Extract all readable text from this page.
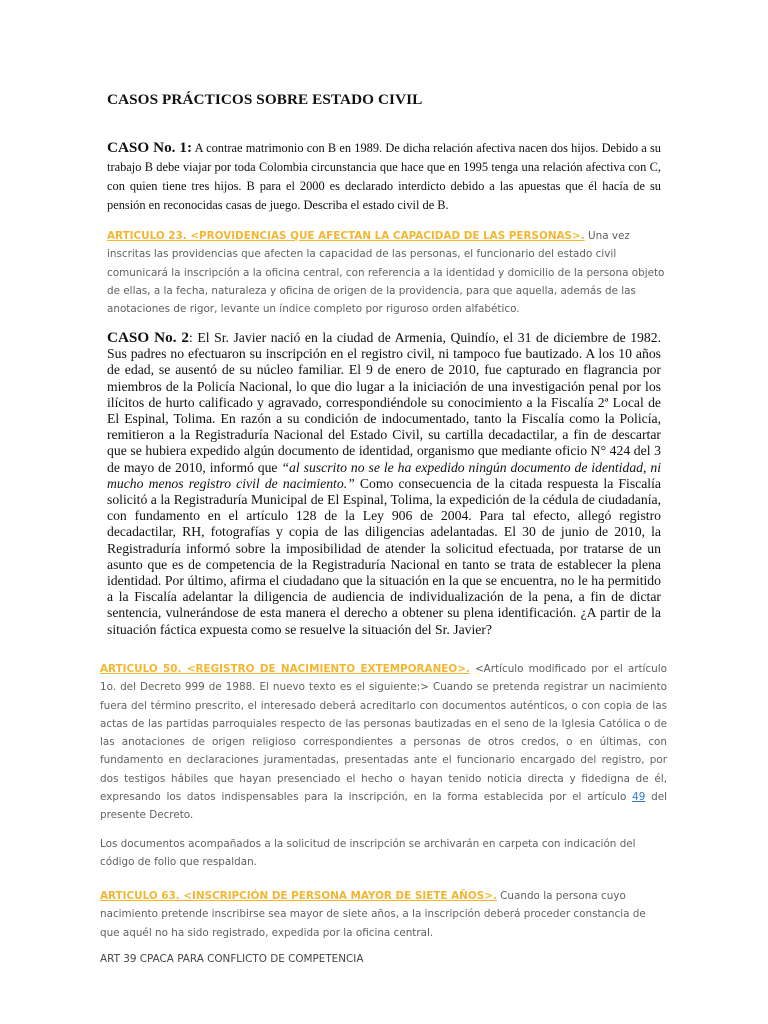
CASOS PRÁCTICOS SOBRE ESTADO CIVIL

CASO No. 1: A contrae matrimonio con B en 1989. De dicha relación afectiva nacen dos hijos. Debido a su trabajo B debe viajar por toda Colombia circunstancia que hace que en 1995 tenga una relación afectiva con C, con quien tiene tres hijos. B para el 2000 es declarado interdicto debido a las apuestas que él hacía de su pensión en reconocidas casas de juego. Describa el estado civil de B.

ARTICULO 23. <PROVIDENCIAS QUE AFECTAN LA CAPACIDAD DE LAS PERSONAS>. Una vez inscritas las providencias que afecten la capacidad de las personas, el funcionario del estado civil comunicará la inscripción a la oficina central, con referencia a la identidad y domicilio de la persona objeto de ellas, a la fecha, naturaleza y oficina de origen de la providencia, para que aquella, además de las anotaciones de rigor, levante un índice completo por riguroso orden alfabético.

CASO No. 2: El Sr. Javier nació en la ciudad de Armenia, Quindío, el 31 de diciembre de 1982. Sus padres no efectuaron su inscripción en el registro civil, ni tampoco fue bautizado. A los 10 años de edad, se ausentó de su núcleo familiar. El 9 de enero de 2010, fue capturado en flagrancia por miembros de la Policía Nacional, lo que dio lugar a la iniciación de una investigación penal por los ilícitos de hurto calificado y agravado, correspondiéndole su conocimiento a la Fiscalía 2ª Local de El Espinal, Tolima. En razón a su condición de indocumentado, tanto la Fiscalía como la Policía, remitieron a la Registraduría Nacional del Estado Civil, su cartilla decadactilar, a fin de descartar que se hubiera expedido algún documento de identidad, organismo que mediante oficio N° 424 del 3 de mayo de 2010, informó que “al suscrito no se le ha expedido ningún documento de identidad, ni mucho menos registro civil de nacimiento.” Como consecuencia de la citada respuesta la Fiscalía solicitó a la Registraduría Municipal de El Espinal, Tolima, la expedición de la cédula de ciudadanía, con fundamento en el artículo 128 de la Ley 906 de 2004. Para tal efecto, allegó registro decadactilar, RH, fotografías y copia de las diligencias adelantadas. El 30 de junio de 2010, la Registraduría informó sobre la imposibilidad de atender la solicitud efectuada, por tratarse de un asunto que es de competencia de la Registraduría Nacional en tanto se trata de establecer la plena identidad. Por último, afirma el ciudadano que la situación en la que se encuentra, no le ha permitido a la Fiscalía adelantar la diligencia de audiencia de individualización de la pena, a fin de dictar sentencia, vulnerándose de esta manera el derecho a obtener su plena identificación. ¿A partir de la situación fáctica expuesta como se resuelve la situación del Sr. Javier?

ARTICULO 50. <REGISTRO DE NACIMIENTO EXTEMPORANEO>. <Artículo modificado por el artículo 1o. del Decreto 999 de 1988. El nuevo texto es el siguiente:> Cuando se pretenda registrar un nacimiento fuera del término prescrito, el interesado deberá acreditarlo con documentos auténticos, o con copia de las actas de las partidas parroquiales respecto de las personas bautizadas en el seno de la Iglesia Católica o de las anotaciones de origen religioso correspondientes a personas de otros credos, o en últimas, con fundamento en declaraciones juramentadas, presentadas ante el funcionario encargado del registro, por dos testigos hábiles que hayan presenciado el hecho o hayan tenido noticia directa y fidedigna de él, expresando los datos indispensables para la inscripción, en la forma establecida por el artículo 49 del presente Decreto.

Los documentos acompañados a la solicitud de inscripción se archivarán en carpeta con indicación del código de folio que respaldan.

ARTICULO 63. <INSCRIPCIÓN DE PERSONA MAYOR DE SIETE AÑOS>. Cuando la persona cuyo nacimiento pretende inscribirse sea mayor de siete años, a la inscripción deberá proceder constancia de que aquél no ha sido registrado, expedida por la oficina central.

ART 39 CPACA PARA CONFLICTO DE COMPETENCIA
